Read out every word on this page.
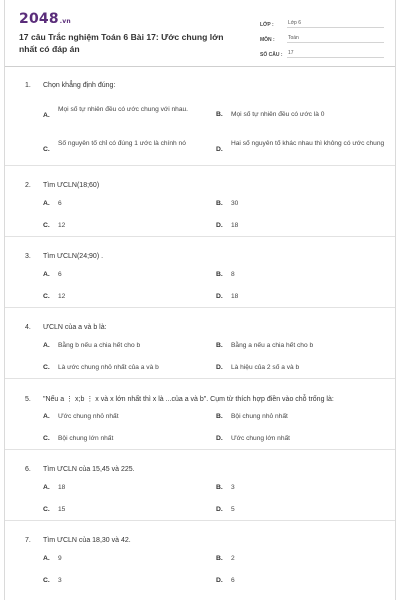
2048.vn
17 câu Trắc nghiệm Toán 6 Bài 17: Ước chung lớn nhất có đáp án
LỚP :	Lớp 6
MÔN :	Toán
SỐ CÂU :	17
1. Chọn khẳng định đúng:
A.
Mọi số tự nhiên đều có ước chung với nhau.
B. Mọi số tự nhiên đều có ước là 0
C.
Số nguyên tố chỉ có đúng 1 ước là chính nó
D.
Hai số nguyên tố khác nhau thì không có ước chung
2. Tìm ƯCLN(18;60)
A. 6	B. 30
C. 12	D. 18
3. Tìm ƯCLN(24;90) .
A. 6	B. 8
C. 12	D. 18
4. ƯCLN của a và b là:
A. Bằng b nếu a chia hết cho b	B. Bằng a nếu a chia hết cho b
C. Là ước chung nhỏ nhất của a và b	D. Là hiệu của 2 số a và b
5. "Nếu a ⋮ x;b ⋮ x và x lớn nhất thì x là ...của a và b". Cụm từ thích hợp điền vào chỗ trống là:
A. Ước chung nhỏ nhất	B. Bội chung nhỏ nhất
C. Bội chung lớn nhất	D. Ước chung lớn nhất
6. Tìm ƯCLN của 15,45 và 225.
A. 18	B. 3
C. 15	D. 5
7. Tìm ƯCLN của 18,30 và 42.
A. 9	B. 2
C. 3	D. 6
